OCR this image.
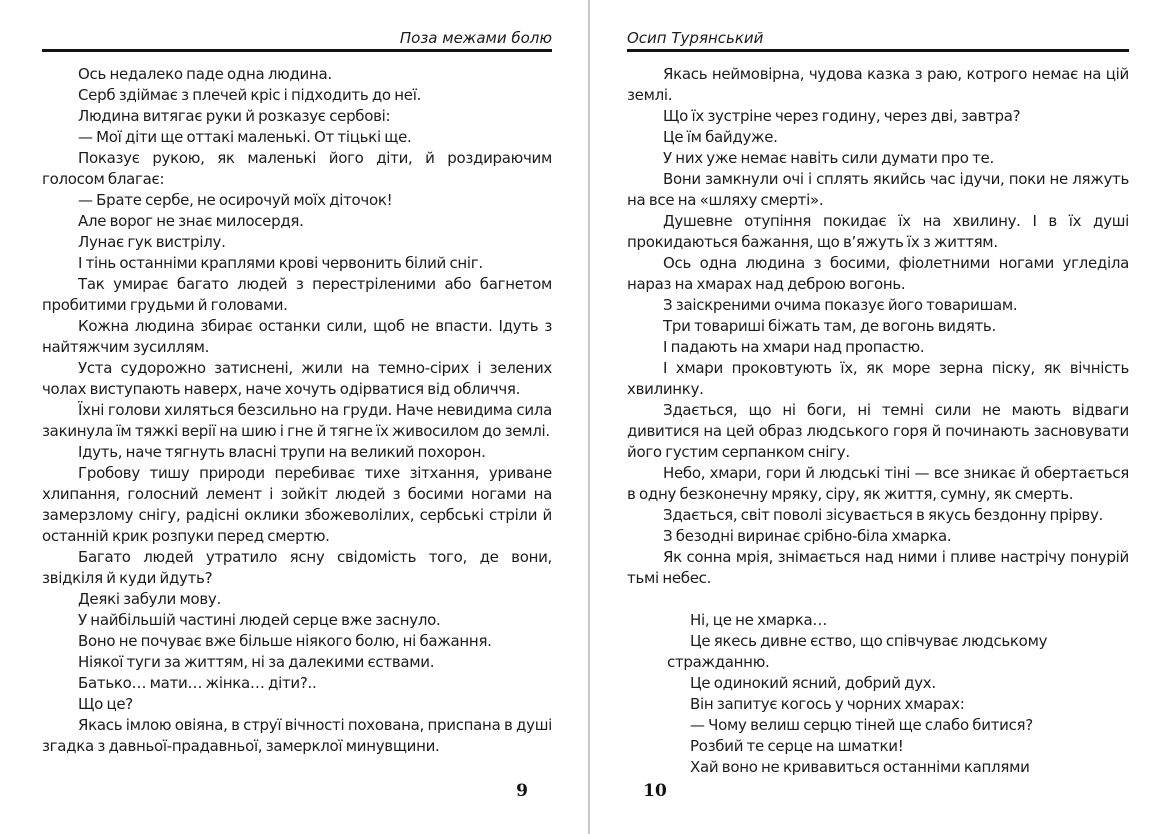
Поза межами болю

Ось недалеко паде одна людина.

Серб здіймає з плечей кріс і підходить до неї.

Людина витягає руки й розказує сербові:

— Мої діти ще оттакі маленькі. От тіцькі ще.

Показує рукою, як маленькі його діти, й роздираючим голосом благає:

— Брате сербе, не осирочуй моїх діточок!

Але ворог не знає милосердя.

Лунає гук вистрілу.

І тінь останніми краплями крові червонить білий сніг.

Так умирає багато людей з перестріленими або багнетом пробитими грудьми й головами.

Кожна людина збирає останки сили, щоб не впасти. Ідуть з найтяжчим зусиллям.

Уста судорожно затиснені, жили на темно-сірих і зелених чолах виступають наверх, наче хочуть одірватися від обличчя.

Їхні голови хиляться безсильно на груди. Наче невидима сила закинула їм тяжкі верії на шию і гне й тягне їх живосилом до землі.

Ідуть, наче тягнуть власні трупи на великий похорон.

Гробову тишу природи перебиває тихе зітхання, уриване хлипання, голосний лемент і зойкіт людей з босими ногами на замерзлому снігу, радісні оклики збожеволілих, сербські стріли й останній крик розпуки перед смертю.

Багато людей утратило ясну свідомість того, де вони, звідкіля й куди йдуть?

Деякі забули мову.

У найбільшій частині людей серце вже заснуло.

Воно не почуває вже більше ніякого болю, ні бажання.

Ніякої туги за життям, ні за далекими єствами.

Батько… мати… жінка… діти?..

Що це?

Якась імлою овіяна, в струї вічності похована, приспана в душі згадка з давньої-прадавньої, замерклої минувщини.

9
Осип Турянський

Якась неймовірна, чудова казка з раю, котрого немає на цій землі.

Що їх зустріне через годину, через дві, завтра?

Це їм байдуже.

У них уже немає навіть сили думати про те.

Вони замкнули очі і сплять якийсь час ідучи, поки не ляжуть на все на «шляху смерті».

Душевне отупіння покидає їх на хвилину. І в їх душі прокидаються бажання, що в’яжуть їх з життям.

Ось одна людина з босими, фіолетними ногами угледіла нараз на хмарах над деброю вогонь.

З заіскреними очима показує його товаришам.

Три товариші біжать там, де вогонь видять.

І падають на хмари над пропастю.

І хмари проковтують їх, як море зерна піску, як вічність хвилинку.

Здається, що ні боги, ні темні сили не мають відваги дивитися на цей образ людського горя й починають засновувати його густим серпанком снігу.

Небо, хмари, гори й людські тіні — все зникає й обертається в одну безконечну мряку, сіру, як життя, сумну, як смерть.

Здається, світ поволі зісувається в якусь бездонну прірву.

З безодні виринає срібно-біла хмарка.

Як сонна мрія, знімається над ними і пливе настрічу понурій тьмі небес.

Ні, це не хмарка…

Це якесь дивне єство, що співчуває людському стражданню.

Це одинокий ясний, добрий дух.

Він запитує когось у чорних хмарах:

— Чому велиш серцю тіней ще слабо битися?

Розбий те серце на шматки!

Хай воно не кривавиться останніми каплями

10
